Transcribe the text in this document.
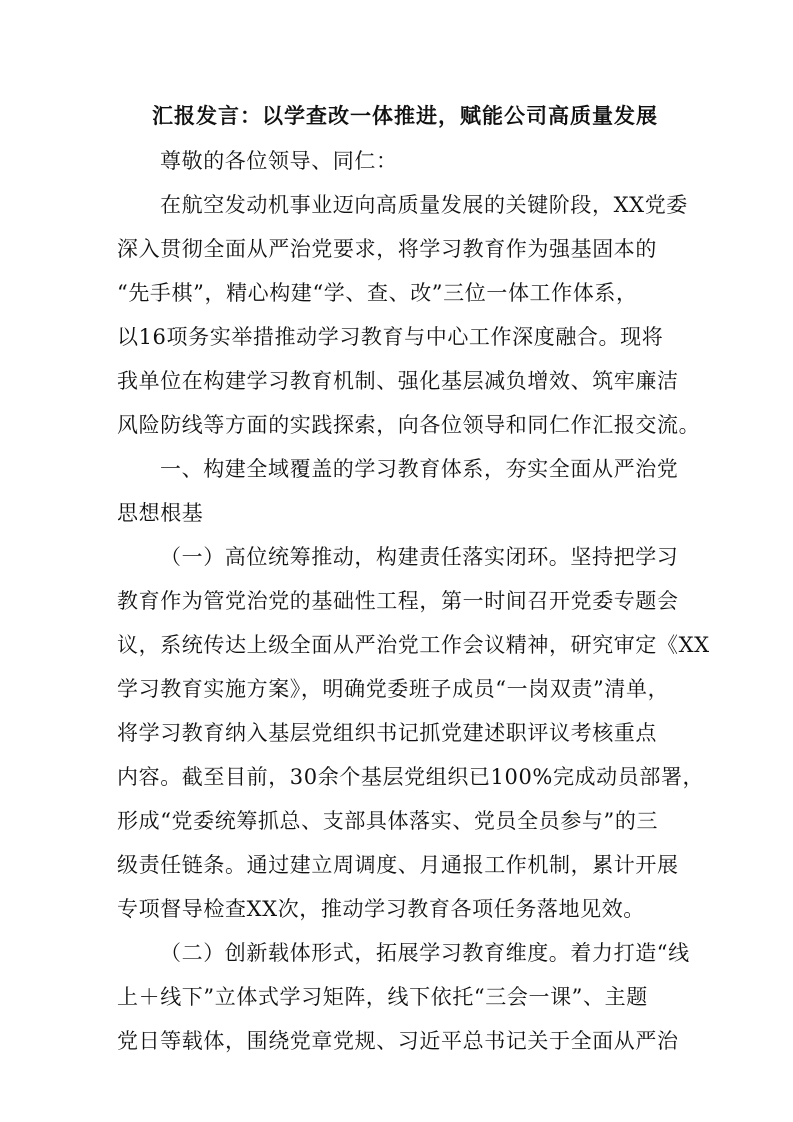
汇报发言：以学查改一体推进，赋能公司高质量发展
尊敬的各位领导、同仁：
在航空发动机事业迈向高质量发展的关键阶段，XX党委
深入贯彻全面从严治党要求，将学习教育作为强基固本的
“先手棋”，精心构建“学、查、改”三位一体工作体系，
以16项务实举措推动学习教育与中心工作深度融合。现将
我单位在构建学习教育机制、强化基层减负增效、筑牢廉洁
风险防线等方面的实践探索，向各位领导和同仁作汇报交流。
一、构建全域覆盖的学习教育体系，夯实全面从严治党
思想根基
（一）高位统筹推动，构建责任落实闭环。坚持把学习
教育作为管党治党的基础性工程，第一时间召开党委专题会
议，系统传达上级全面从严治党工作会议精神，研究审定《XX
学习教育实施方案》，明确党委班子成员“一岗双责”清单，
将学习教育纳入基层党组织书记抓党建述职评议考核重点
内容。截至目前，30余个基层党组织已100%完成动员部署，
形成“党委统筹抓总、支部具体落实、党员全员参与”的三
级责任链条。通过建立周调度、月通报工作机制，累计开展
专项督导检查XX次，推动学习教育各项任务落地见效。
（二）创新载体形式，拓展学习教育维度。着力打造“线
上＋线下”立体式学习矩阵，线下依托“三会一课”、主题
党日等载体，围绕党章党规、习近平总书记关于全面从严治
